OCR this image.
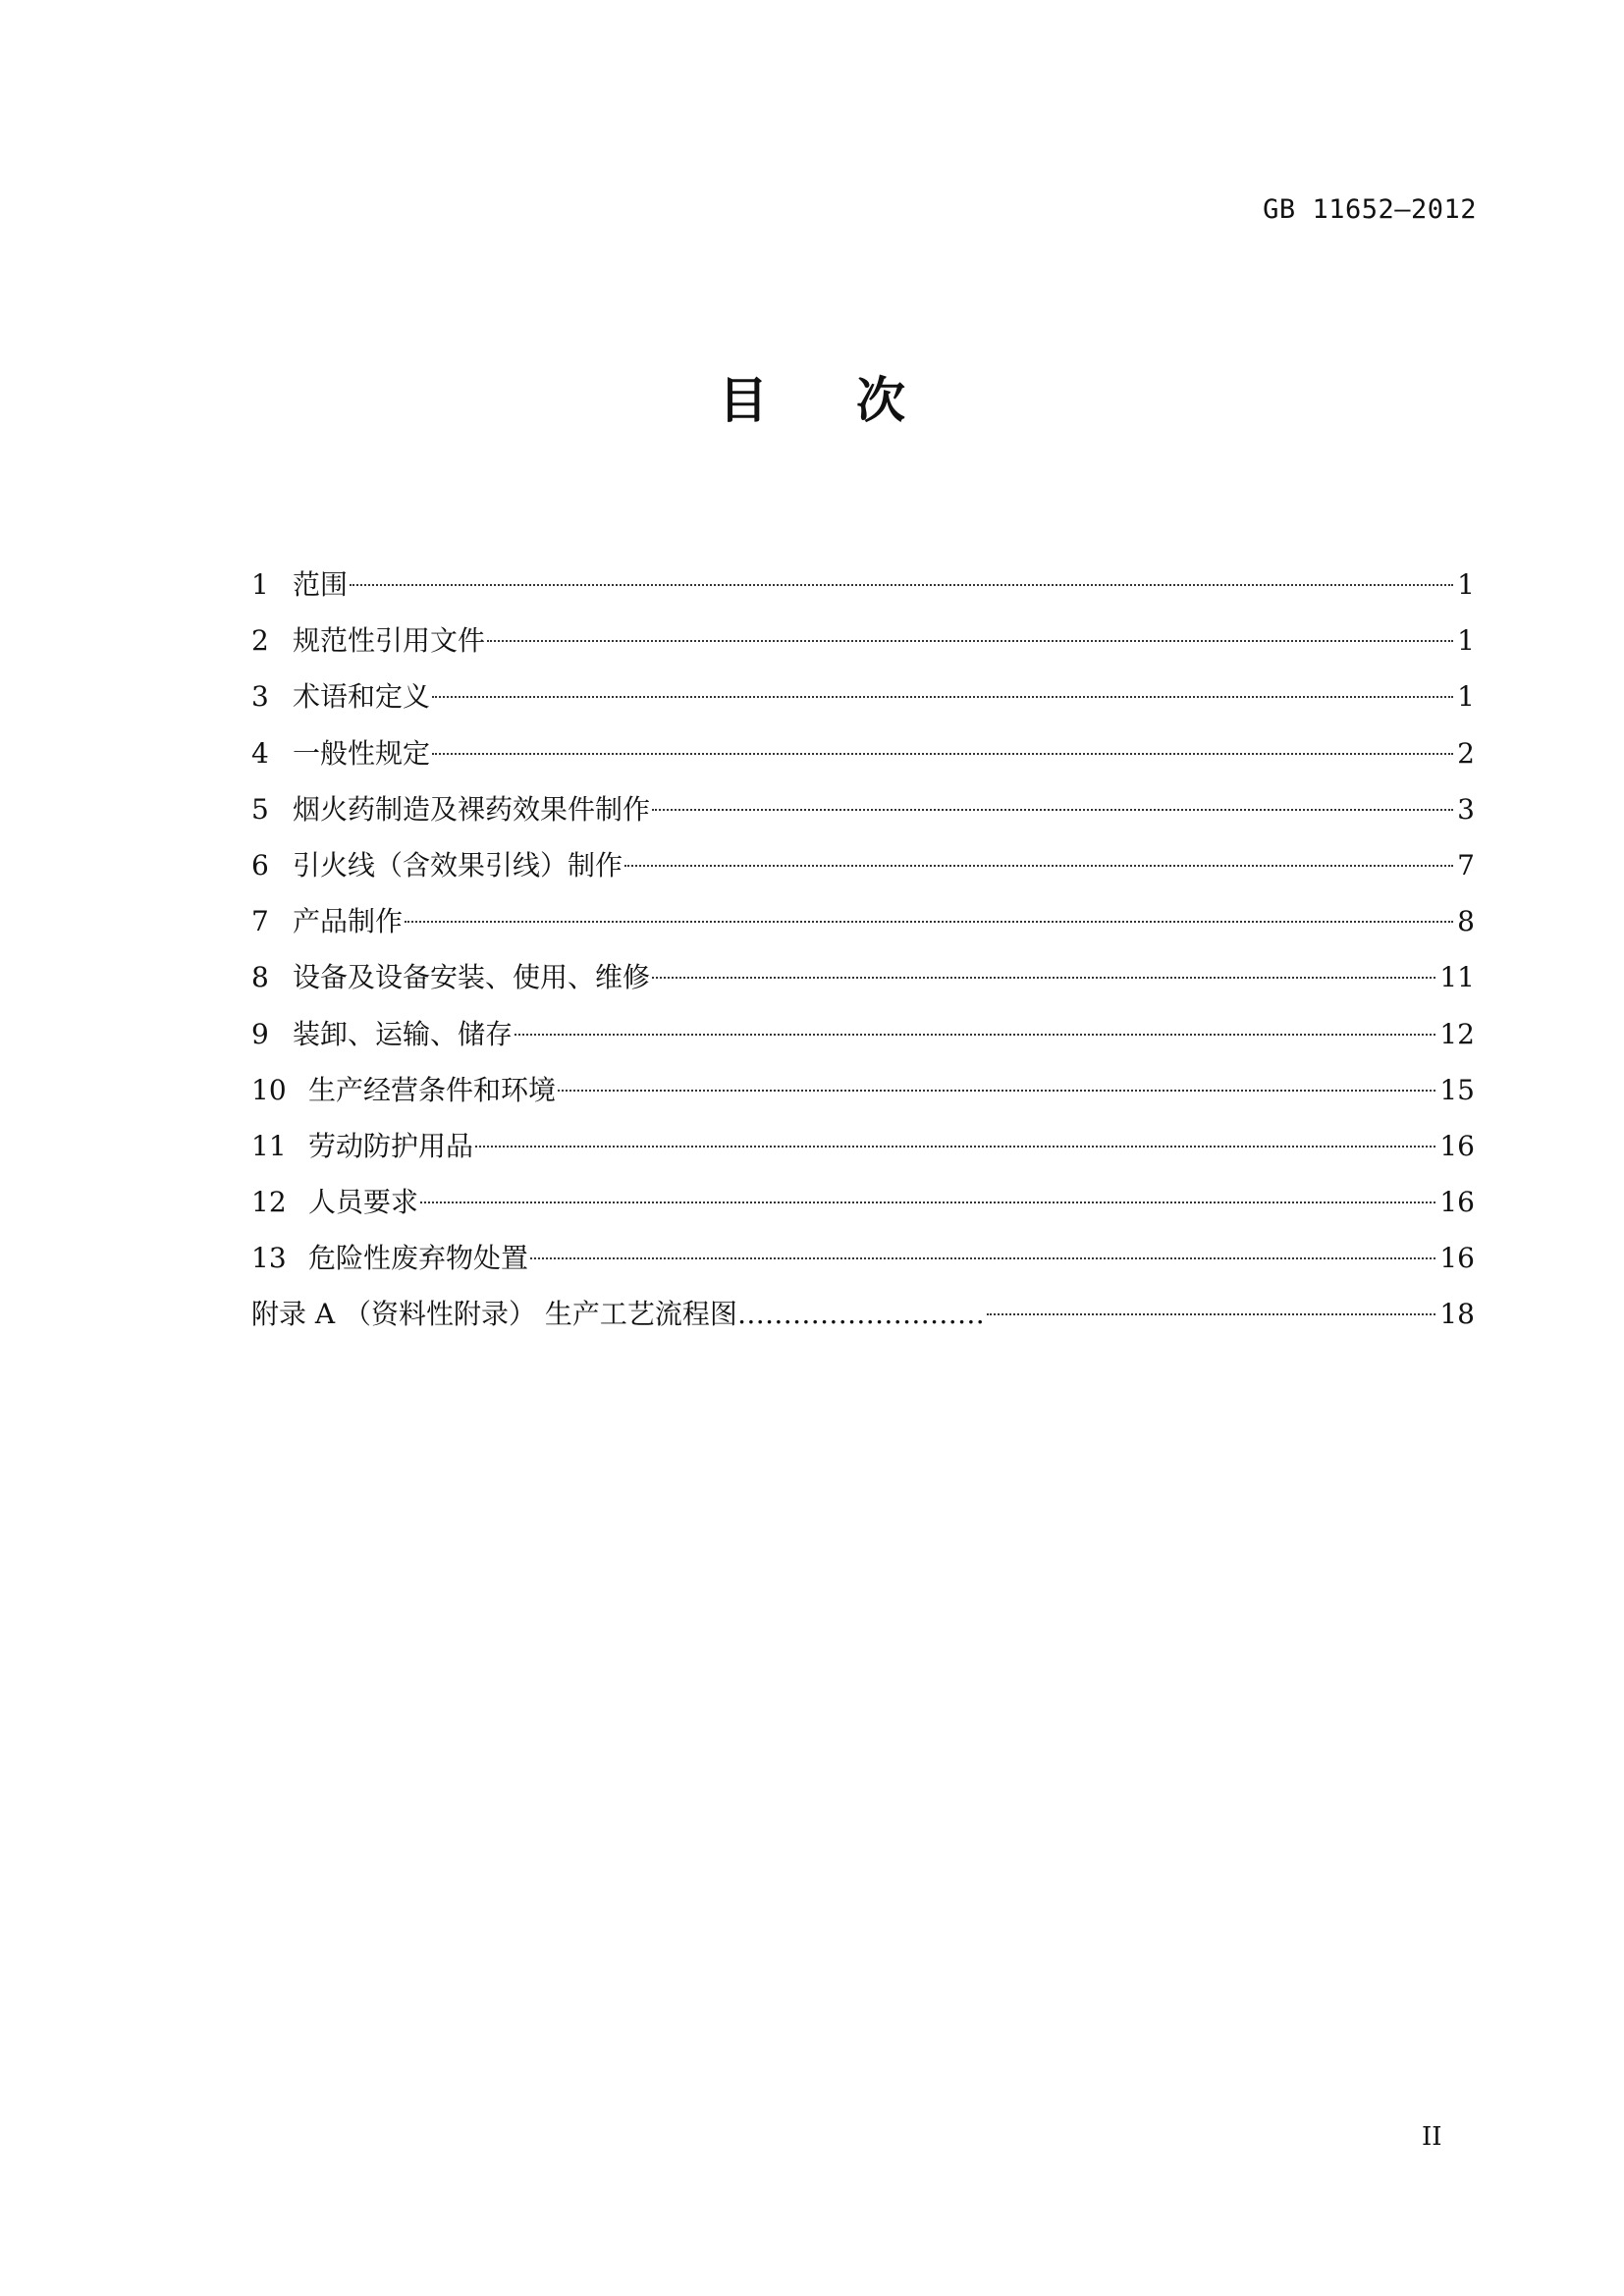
GB 11652—2012
目次
1 范围	1
2 规范性引用文件	1
3 术语和定义	1
4 一般性规定	2
5 烟火药制造及裸药效果件制作	3
6 引火线（含效果引线）制作	7
7 产品制作	8
8 设备及设备安装、使用、维修	11
9 装卸、运输、储存	12
10 生产经营条件和环境	15
11 劳动防护用品	16
12 人员要求	16
13 危险性废弃物处置	16
附录 A （资料性附录） 生产工艺流程图………………………	18
II
